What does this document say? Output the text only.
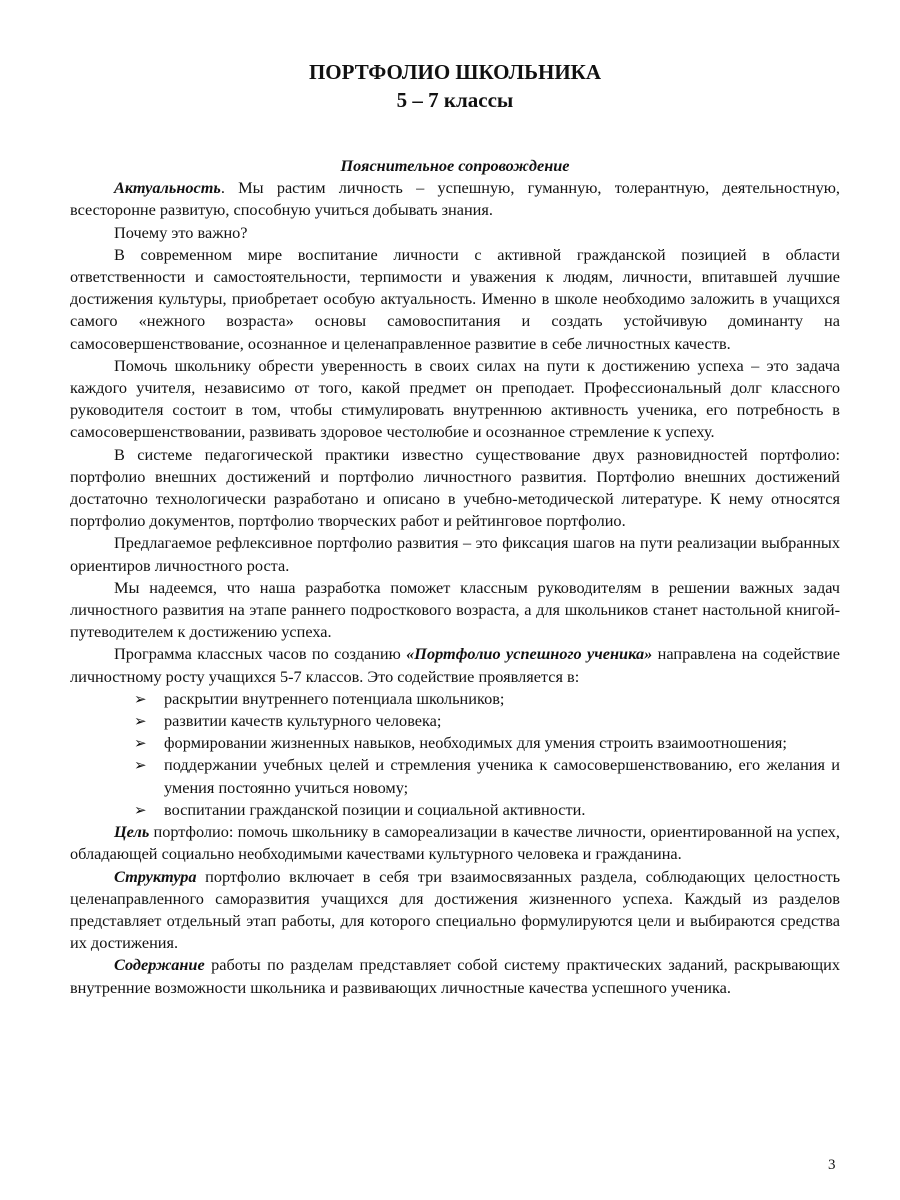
ПОРТФОЛИО ШКОЛЬНИКА
5 – 7 классы
Пояснительное сопровождение

Актуальность. Мы растим личность – успешную, гуманную, толерантную, деятельностную, всесторонне развитую, способную учиться добывать знания.

Почему это важно?

В современном мире воспитание личности с активной гражданской позицией в области ответственности и самостоятельности, терпимости и уважения к людям, личности, впитавшей лучшие достижения культуры, приобретает особую актуальность. Именно в школе необходимо заложить в учащихся самого «нежного возраста» основы самовоспитания и создать устойчивую доминанту на самосовершенствование, осознанное и целенаправленное развитие в себе личностных качеств.

Помочь школьнику обрести уверенность в своих силах на пути к достижению успеха – это задача каждого учителя, независимо от того, какой предмет он преподает. Профессиональный долг классного руководителя состоит в том, чтобы стимулировать внутреннюю активность ученика, его потребность в самосовершенствовании, развивать здоровое честолюбие и осознанное стремление к успеху.

В системе педагогической практики известно существование двух разновидностей портфолио: портфолио внешних достижений и портфолио личностного развития. Портфолио внешних достижений достаточно технологически разработано и описано в учебно-методической литературе. К нему относятся портфолио документов, портфолио творческих работ и рейтинговое портфолио.

Предлагаемое рефлексивное портфолио развития – это фиксация шагов на пути реализации выбранных ориентиров личностного роста.

Мы надеемся, что наша разработка поможет классным руководителям в решении важных задач личностного развития на этапе раннего подросткового возраста, а для школьников станет настольной книгой-путеводителем к достижению успеха.

Программа классных часов по созданию «Портфолио успешного ученика» направлена на содействие личностному росту учащихся 5-7 классов. Это содействие проявляется в:

➢ раскрытии внутреннего потенциала школьников;
➢ развитии качеств культурного человека;
➢ формировании жизненных навыков, необходимых для умения строить взаимоотношения;
➢ поддержании учебных целей и стремления ученика к самосовершенствованию, его желания и умения постоянно учиться новому;
➢ воспитании гражданской позиции и социальной активности.

Цель портфолио: помочь школьнику в самореализации в качестве личности, ориентированной на успех, обладающей социально необходимыми качествами культурного человека и гражданина.

Структура портфолио включает в себя три взаимосвязанных раздела, соблюдающих целостность целенаправленного саморазвития учащихся для достижения жизненного успеха. Каждый из разделов представляет отдельный этап работы, для которого специально формулируются цели и выбираются средства их достижения.

Содержание работы по разделам представляет собой систему практических заданий, раскрывающих внутренние возможности школьника и развивающих личностные качества успешного ученика.

3
